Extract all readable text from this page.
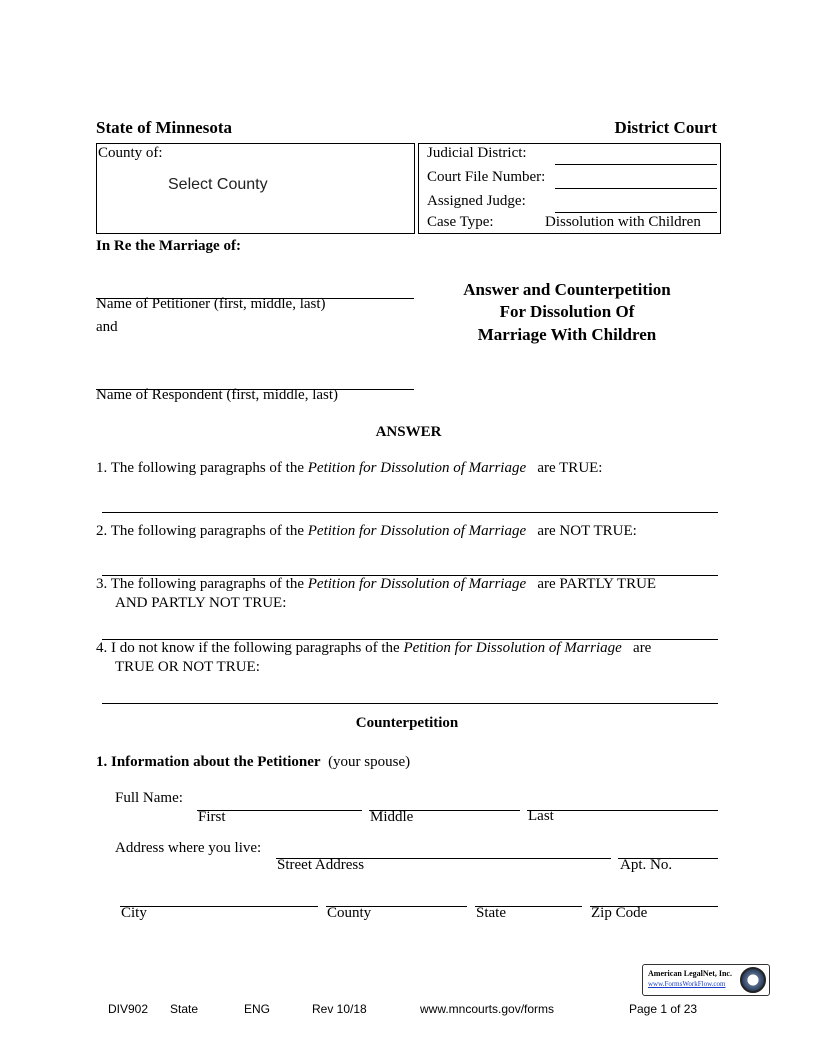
State of Minnesota	District Court
County of:
Select County
Judicial District:
Court File Number:
Assigned Judge:
Case Type:	Dissolution with Children
In Re the Marriage of:
Name of Petitioner (first, middle, last)
and
Name of Respondent (first, middle, last)
Answer and Counterpetition
For Dissolution Of
Marriage With Children
ANSWER
1. The following paragraphs of the Petition for Dissolution of Marriage are TRUE:
2. The following paragraphs of the Petition for Dissolution of Marriage are NOT TRUE:
3. The following paragraphs of the Petition for Dissolution of Marriage are PARTLY TRUE
AND PARTLY NOT TRUE:
4. I do not know if the following paragraphs of the Petition for Dissolution of Marriage are
TRUE OR NOT TRUE:
Counterpetition
1. Information about the Petitioner (your spouse)
Full Name:
First	Middle	Last
Address where you live:
Street Address	Apt. No.
City	County	State	Zip Code
American LegalNet, Inc.
www.FormsWorkFlow.com
DIV902 State	ENG	Rev 10/18	www.mncourts.gov/forms	Page 1 of 23
